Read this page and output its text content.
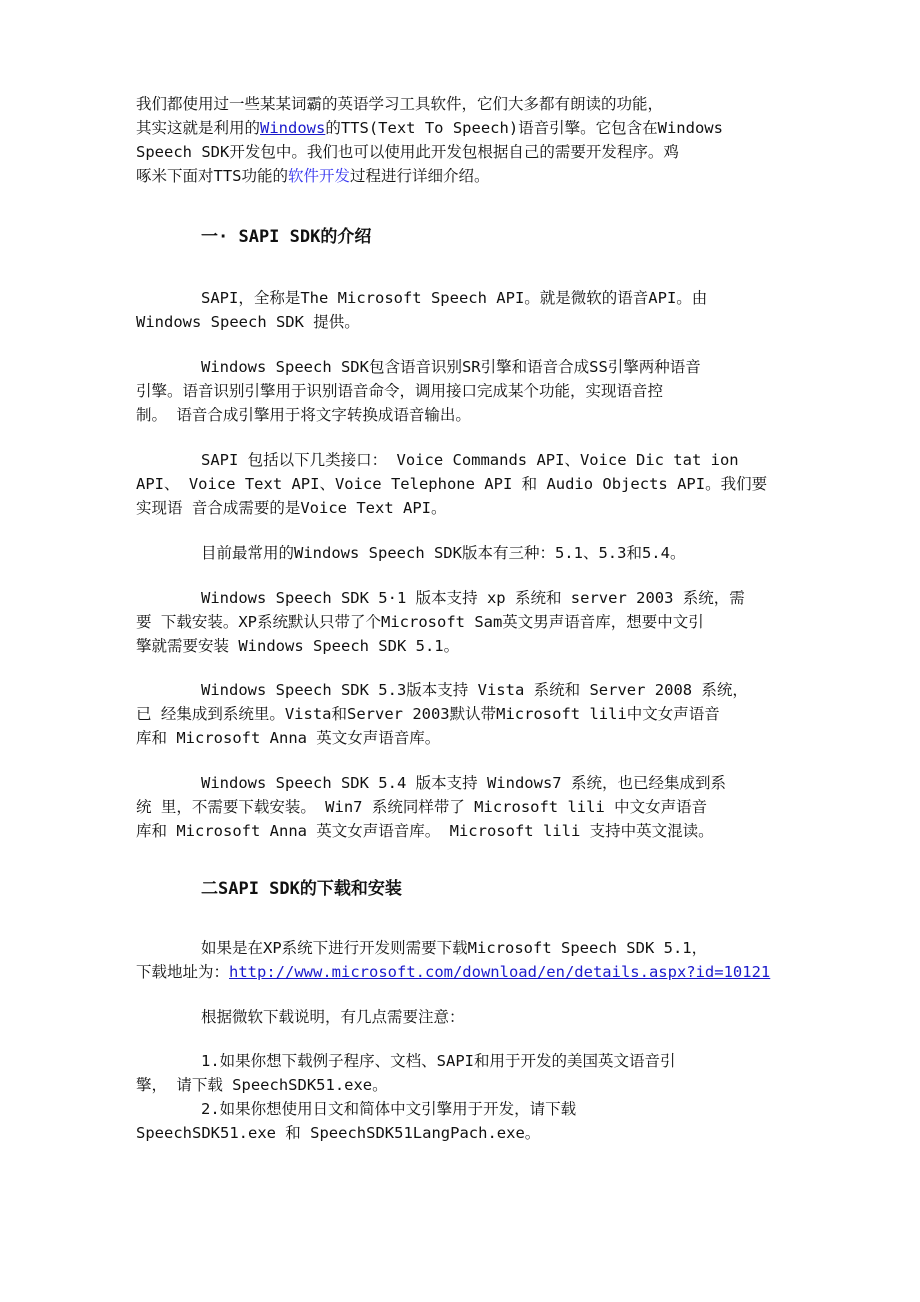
我们都使用过一些某某词霸的英语学习工具软件，它们大多都有朗读的功能，
其实这就是利用的Windows的TTS(Text To Speech)语音引擎。它包含在Windows
Speech SDK开发包中。我们也可以使用此开发包根据自己的需要开发程序。鸡
啄米下面对TTS功能的软件开发过程进行详细介绍。
一· SAPI SDK的介绍
SAPI，全称是The Microsoft Speech API。就是微软的语音API。由
Windows Speech SDK 提供。
Windows Speech SDK包含语音识别SR引擎和语音合成SS引擎两种语音
引擎。语音识别引擎用于识别语音命令，调用接口完成某个功能，实现语音控
制。 语音合成引擎用于将文字转换成语音输出。
SAPI 包括以下几类接口： Voice Commands API、Voice Dic tat ion
API、 Voice Text API、Voice Telephone API 和 Audio Objects API。我们要
实现语 音合成需要的是Voice Text API。
目前最常用的Windows Speech SDK版本有三种：5.1、5.3和5.4。
Windows Speech SDK 5·1 版本支持 xp 系统和 server 2003 系统，需
要 下载安装。XP系统默认只带了个Microsoft Sam英文男声语音库，想要中文引
擎就需要安装 Windows Speech SDK 5.1。
Windows Speech SDK 5.3版本支持 Vista 系统和 Server 2008 系统，
已 经集成到系统里。Vista和Server 2003默认带Microsoft lili中文女声语音
库和 Microsoft Anna 英文女声语音库。
Windows Speech SDK 5.4 版本支持 Windows7 系统，也已经集成到系
统 里，不需要下载安装。 Win7 系统同样带了 Microsoft lili 中文女声语音
库和 Microsoft Anna 英文女声语音库。 Microsoft lili 支持中英文混读。
二SAPI SDK的下载和安装
如果是在XP系统下进行开发则需要下载Microsoft Speech SDK 5.1，
下载地址为：http://www.microsoft.com/download/en/details.aspx?id=10121
根据微软下载说明，有几点需要注意：
1.如果你想下载例子程序、文档、SAPI和用于开发的美国英文语音引
擎， 请下载 SpeechSDK51.exe。
2.如果你想使用日文和简体中文引擎用于开发，请下载
SpeechSDK51.exe 和 SpeechSDK51LangPach.exe。
